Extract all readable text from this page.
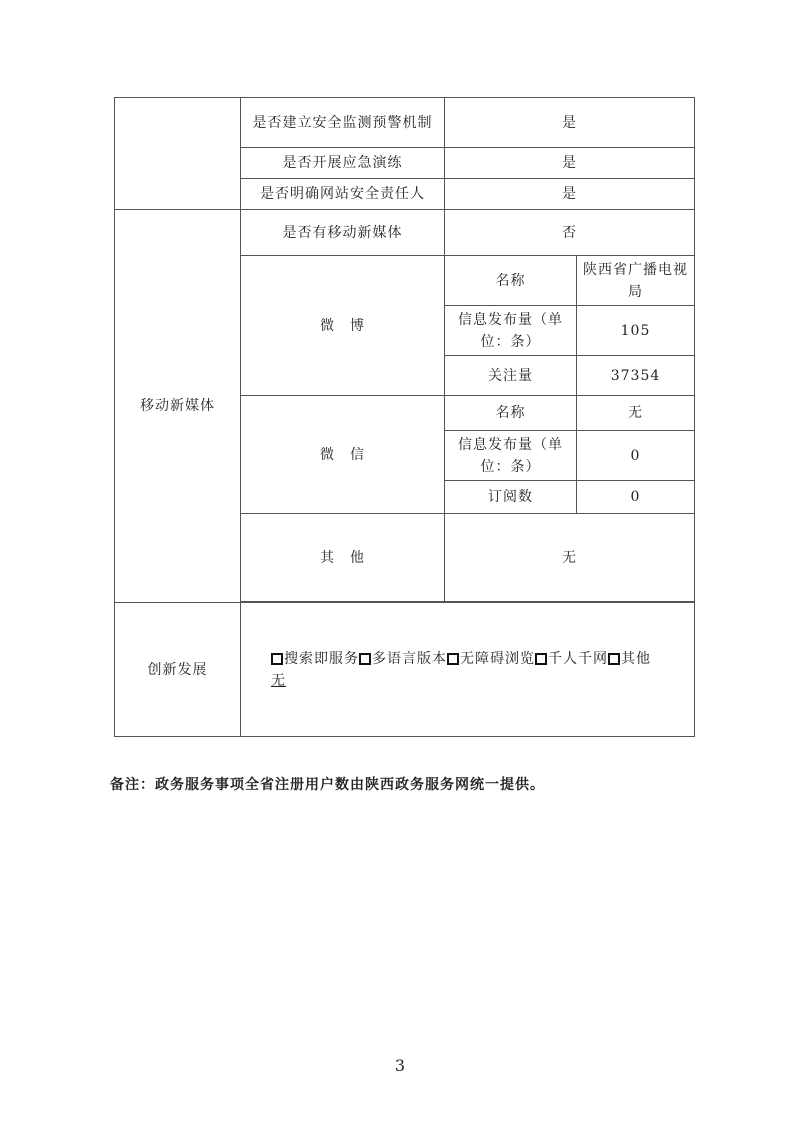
	是否建立安全监测预警机制	是	
	是否开展应急演练	是	
	是否明确网站安全责任人	是	
移动新媒体	是否有移动新媒体	否	
	微　博	名称	陕西省广播电视局
		信息发布量（单位：条）	105
		关注量	37354
	微　信	名称	无
		信息发布量（单位：条）	0
		订阅数	0
	其　他	无	

创新发展	搜索即服务 多语言版本 无障碍浏览 千人千网 其他
无		
备注：政务服务事项全省注册用户数由陕西政务服务网统一提供。
3
